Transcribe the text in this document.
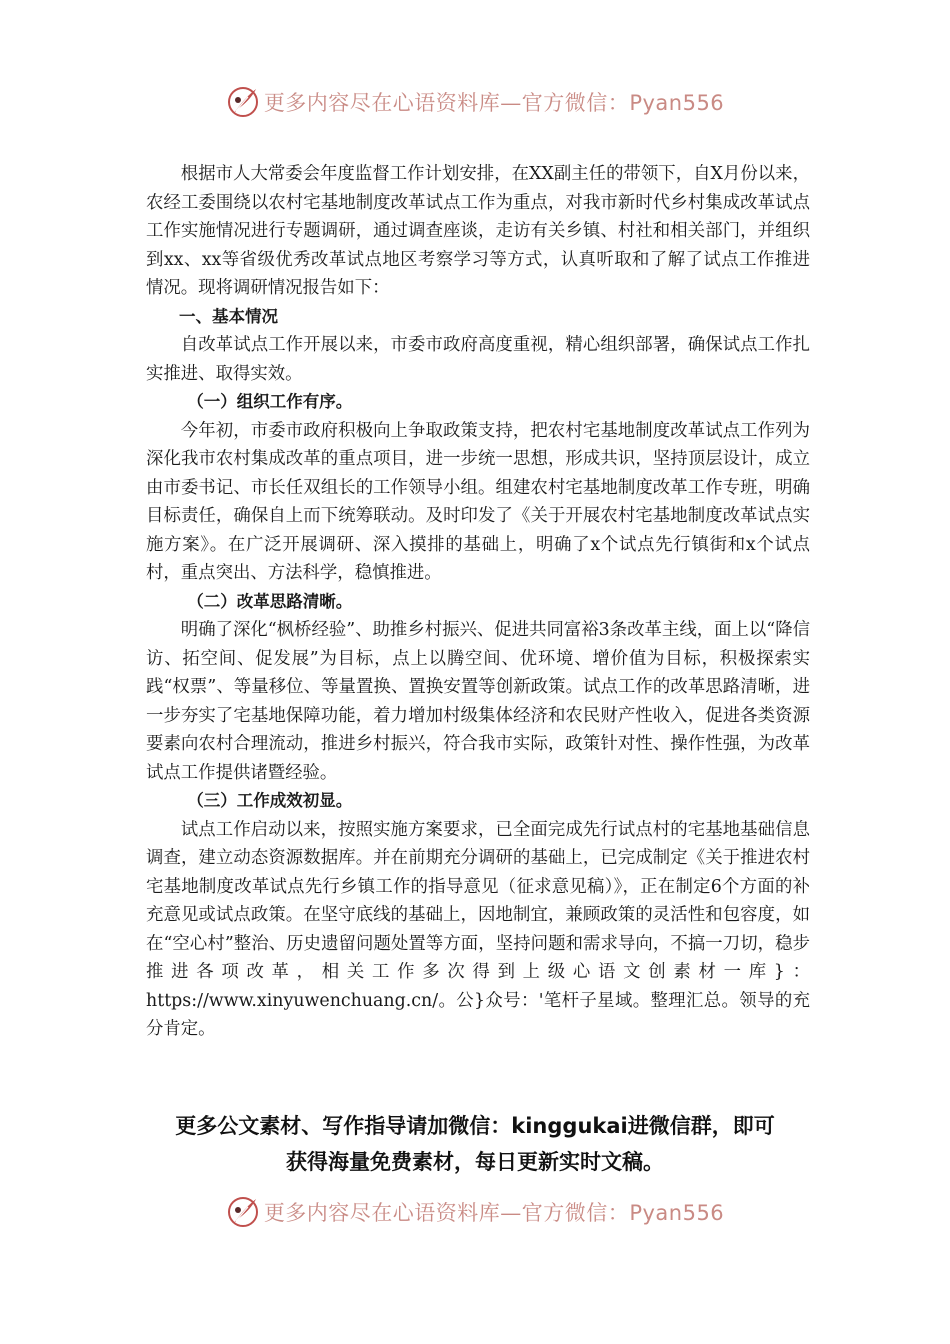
更多内容尽在心语资料库—官方微信：Pyan556

根据市人大常委会年度监督工作计划安排，在XX副主任的带领下，自X月份以来，农经工委围绕以农村宅基地制度改革试点工作为重点，对我市新时代乡村集成改革试点工作实施情况进行专题调研，通过调查座谈，走访有关乡镇、村社和相关部门，并组织到xx、xx等省级优秀改革试点地区考察学习等方式，认真听取和了解了试点工作推进情况。现将调研情况报告如下：

一、基本情况

自改革试点工作开展以来，市委市政府高度重视，精心组织部署，确保试点工作扎实推进、取得实效。

（一）组织工作有序。

今年初，市委市政府积极向上争取政策支持，把农村宅基地制度改革试点工作列为深化我市农村集成改革的重点项目，进一步统一思想，形成共识，坚持顶层设计，成立由市委书记、市长任双组长的工作领导小组。组建农村宅基地制度改革工作专班，明确目标责任，确保自上而下统筹联动。及时印发了《关于开展农村宅基地制度改革试点实施方案》。在广泛开展调研、深入摸排的基础上，明确了x个试点先行镇街和x个试点村，重点突出、方法科学，稳慎推进。

（二）改革思路清晰。

明确了深化“枫桥经验”、助推乡村振兴、促进共同富裕3条改革主线，面上以“降信访、拓空间、促发展”为目标，点上以腾空间、优环境、增价值为目标，积极探索实践“权票”、等量移位、等量置换、置换安置等创新政策。试点工作的改革思路清晰，进一步夯实了宅基地保障功能，着力增加村级集体经济和农民财产性收入，促进各类资源要素向农村合理流动，推进乡村振兴，符合我市实际，政策针对性、操作性强，为改革试点工作提供诸暨经验。

（三）工作成效初显。

试点工作启动以来，按照实施方案要求，已全面完成先行试点村的宅基地基础信息调查，建立动态资源数据库。并在前期充分调研的基础上，已完成制定《关于推进农村宅基地制度改革试点先行乡镇工作的指导意见（征求意见稿）》，正在制定6个方面的补充意见或试点政策。在坚守底线的基础上，因地制宜，兼顾政策的灵活性和包容度，如在“空心村”整治、历史遗留问题处置等方面，坚持问题和需求导向，不搞一刀切，稳步推进各项改革，相关工作多次得到上级心语文创素材一库}：https://www.xinyuwenchuang.cn/。公}众号：'笔杆子星域。整理汇总。领导的充分肯定。

更多公文素材、写作指导请加微信：kinggukai进微信群，即可
获得海量免费素材，每日更新实时文稿。
更多内容尽在心语资料库—官方微信：Pyan556
